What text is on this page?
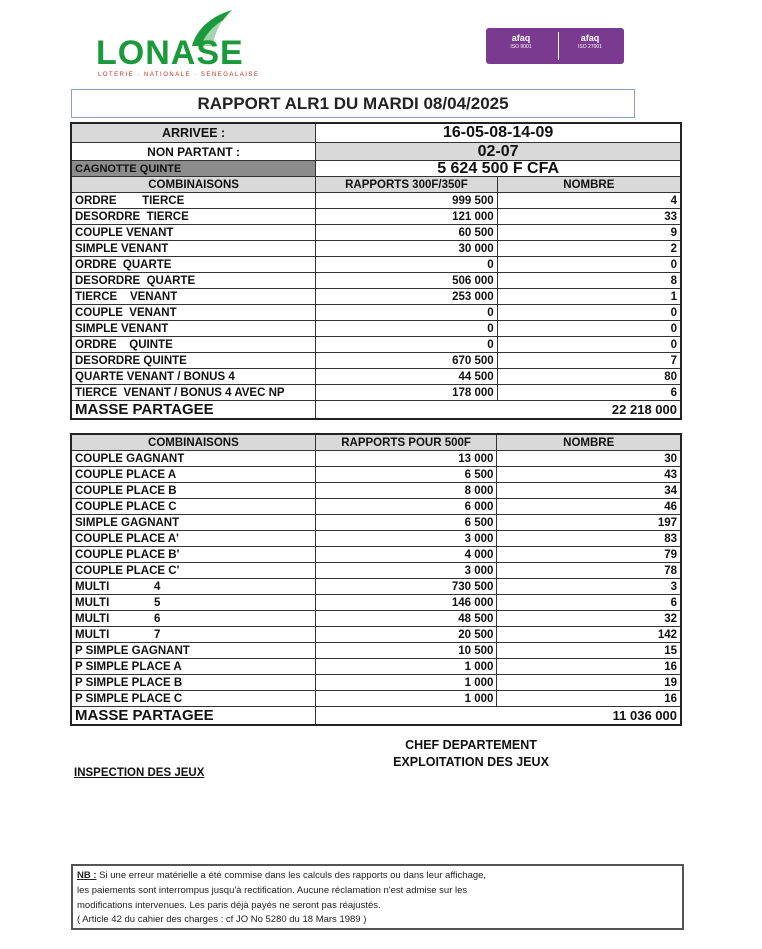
LONASE
LOTERIE · NATIONALE · SENEGALAISE
afaq
ISO 9001
afaq
ISO 27001
RAPPORT ALR1 DU MARDI 08/04/2025
ARRIVEE :	16-05-08-14-09	
NON PARTANT :	02-07	
CAGNOTTE QUINTE	5 624 500 F CFA	
COMBINAISONS	RAPPORTS 300F/350F	NOMBRE
ORDRE        TIERCE	999 500	4
DESORDRE  TIERCE	121 000	33
COUPLE VENANT	60 500	9
SIMPLE VENANT	30 000	2
ORDRE  QUARTE	0	0
DESORDRE  QUARTE	506 000	8
TIERCE    VENANT	253 000	1
COUPLE  VENANT	0	0
SIMPLE VENANT	0	0
ORDRE    QUINTE	0	0
DESORDRE QUINTE	670 500	7
QUARTE VENANT / BONUS 4	44 500	80
TIERCE  VENANT / BONUS 4 AVEC NP	178 000	6
MASSE PARTAGEE	22 218 000	
COMBINAISONS	RAPPORTS POUR 500F	NOMBRE
COUPLE GAGNANT	13 000	30
COUPLE PLACE A	6 500	43
COUPLE PLACE B	8 000	34
COUPLE PLACE C	6 000	46
SIMPLE GAGNANT	6 500	197
COUPLE PLACE A'	3 000	83
COUPLE PLACE B'	4 000	79
COUPLE PLACE C'	3 000	78
MULTI              4	730 500	3
MULTI              5	146 000	6
MULTI              6	48 500	32
MULTI              7	20 500	142
P SIMPLE GAGNANT	10 500	15
P SIMPLE PLACE A	1 000	16
P SIMPLE PLACE B	1 000	19
P SIMPLE PLACE C	1 000	16
MASSE PARTAGEE	11 036 000	
CHEF DEPARTEMENT
EXPLOITATION DES JEUX
INSPECTION DES JEUX
NB : Si une erreur matérielle a été commise dans les calculs des rapports ou dans leur affichage,
les paiements sont interrompus jusqu'à rectification. Aucune réclamation n'est admise sur les
modifications intervenues. Les paris déjà payés ne seront pas réajustés.
( Article 42 du cahier des charges : cf JO No 5280 du 18 Mars 1989 )
